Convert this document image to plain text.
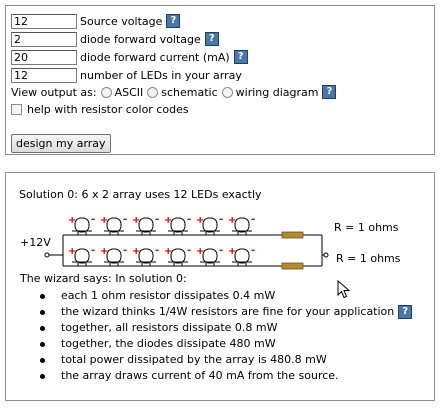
12
Source voltage ?
2
diode forward voltage ?
20
diode forward current (mA) ?
12
number of LEDs in your array
View output as: ASCII schematic wiring diagram ?
help with resistor color codes
design my array
Solution 0: 6 x 2 array uses 12 LEDs exactly
+ - + - + - + - + - + -
+ - + - + - + - + - + -
+12V
R = 1 ohms
R = 1 ohms
The wizard says: In solution 0:
each 1 ohm resistor dissipates 0.4 mW
the wizard thinks 1/4W resistors are fine for your application ?
together, all resistors dissipate 0.8 mW
together, the diodes dissipate 480 mW
total power dissipated by the array is 480.8 mW
the array draws current of 40 mA from the source.
